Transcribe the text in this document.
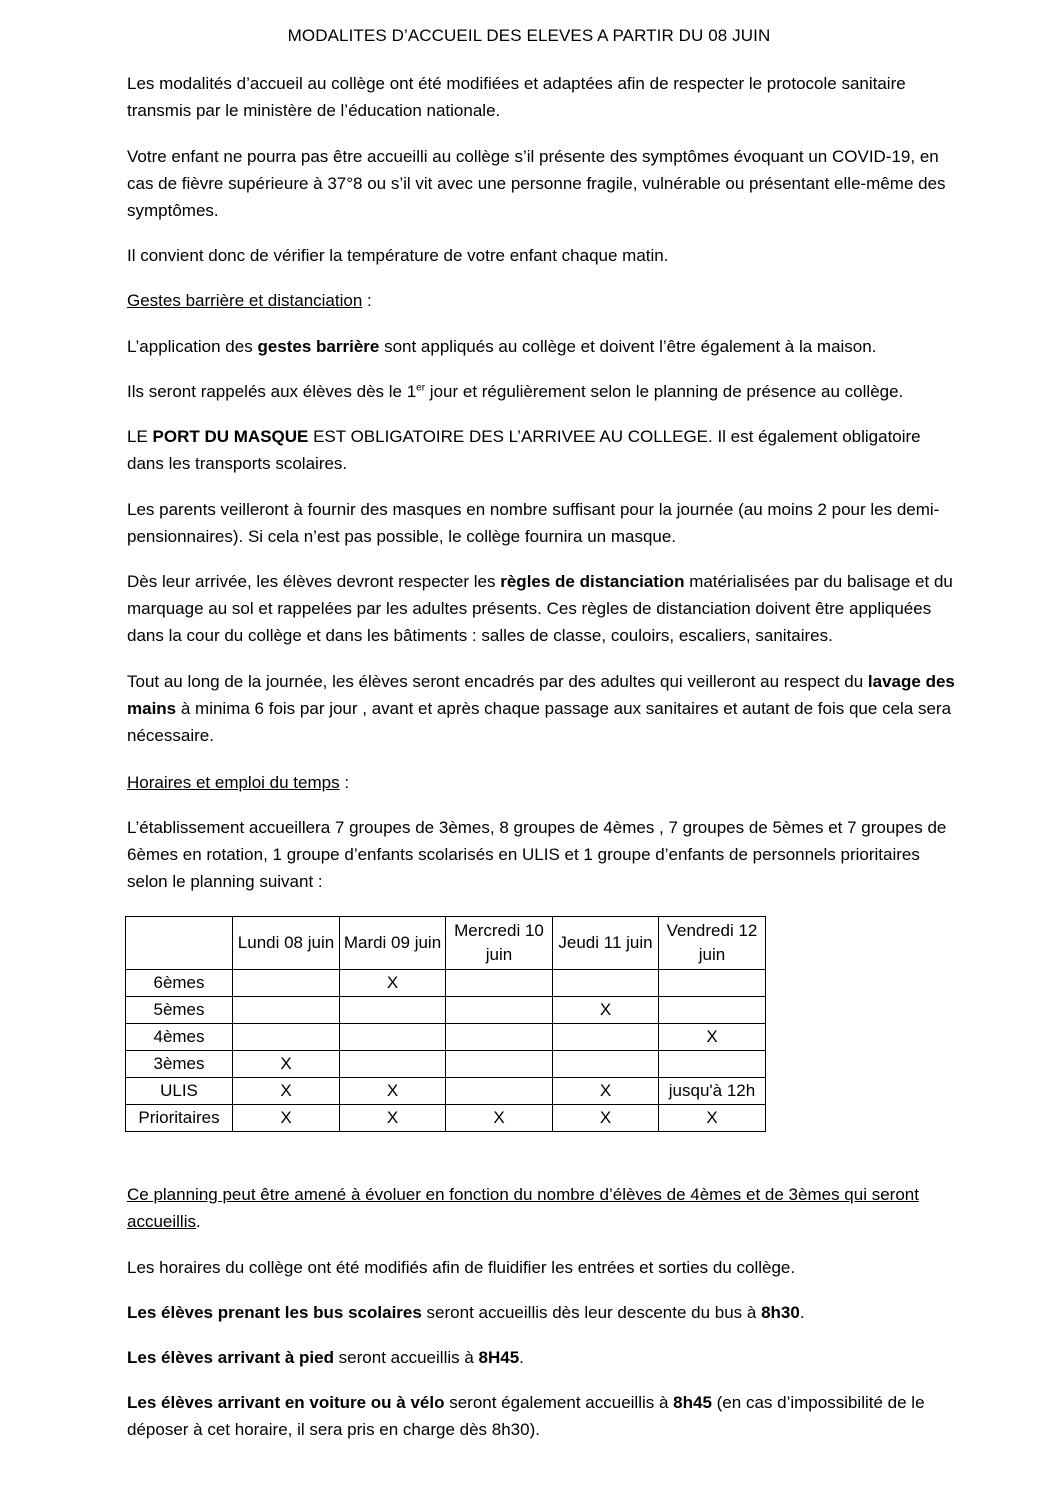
MODALITES D’ACCUEIL DES ELEVES A PARTIR DU 08 JUIN
Les modalités d’accueil au collège ont été modifiées et adaptées afin de respecter le protocole sanitaire transmis par le ministère de l’éducation nationale.
Votre enfant ne pourra pas être accueilli au collège s’il présente des symptômes évoquant un COVID-19, en cas de fièvre supérieure à 37°8 ou s’il vit avec une personne fragile, vulnérable ou présentant elle-même des symptômes.
Il convient donc de vérifier la température de votre enfant chaque matin.
Gestes barrière et distanciation :
L’application des gestes barrière sont appliqués au collège et doivent l’être également à la maison.
Ils seront rappelés aux élèves dès le 1er jour et régulièrement selon le planning de présence au collège.
LE PORT DU MASQUE EST OBLIGATOIRE DES L’ARRIVEE AU COLLEGE. Il est également obligatoire dans les transports scolaires.
Les parents veilleront à fournir des masques en nombre suffisant pour la journée (au moins 2 pour les demi-pensionnaires). Si cela n’est pas possible, le collège fournira un masque.
Dès leur arrivée, les élèves devront respecter les règles de distanciation matérialisées par du balisage et du marquage au sol et rappelées par les adultes présents. Ces règles de distanciation doivent être appliquées dans la cour du collège et dans les bâtiments : salles de classe, couloirs, escaliers, sanitaires.
Tout au long de la journée, les élèves seront encadrés par des adultes qui veilleront au respect du lavage des mains à minima 6 fois par jour , avant et après chaque passage aux sanitaires et autant de fois que cela sera nécessaire.
Horaires et emploi du temps :
L’établissement accueillera 7 groupes de 3èmes, 8 groupes de 4èmes , 7 groupes de 5èmes et 7 groupes de 6èmes en rotation, 1 groupe d’enfants scolarisés en ULIS et 1 groupe d’enfants de personnels prioritaires selon le planning suivant :
	Lundi 08 juin	Mardi 09 juin	Mercredi 10 juin	Jeudi 11 juin	Vendredi 12 juin
6èmes		X			
5èmes				X	
4èmes					X
3èmes	X				
ULIS	X	X		X	jusqu'à 12h
Prioritaires	X	X	X	X	X
Ce planning peut être amené à évoluer en fonction du nombre d’élèves de 4èmes et de 3èmes qui seront accueillis.
Les horaires du collège ont été modifiés afin de fluidifier les entrées et sorties du collège.
Les élèves prenant les bus scolaires seront accueillis dès leur descente du bus à 8h30.
Les élèves arrivant à pied seront accueillis à 8H45.
Les élèves arrivant en voiture ou à vélo seront également accueillis à 8h45 (en cas d’impossibilité de le déposer à cet horaire, il sera pris en charge dès 8h30).
